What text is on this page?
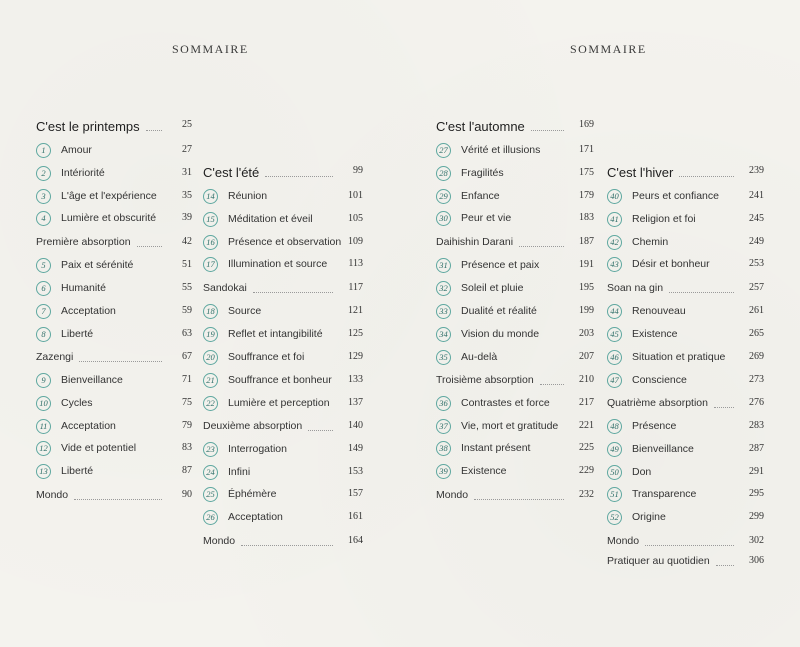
SOMMAIRE	SOMMAIRE
C'est le printemps	25
1	Amour	27
2	Intériorité	31
3	L'âge et l'expérience	35
4	Lumière et obscurité	39
Première absorption	42
5	Paix et sérénité	51
6	Humanité	55
7	Acceptation	59
8	Liberté	63
Zazengi	67
9	Bienveillance	71
10	Cycles	75
11	Acceptation	79
12	Vide et potentiel	83
13	Liberté	87
Mondo	90
C'est l'été	99
14	Réunion	101
15	Méditation et éveil	105
16	Présence et observation 109
17	Illumination et source	113
Sandokai	117
18	Source	121
19	Reflet et intangibilité	125
20	Souffrance et foi	129
21	Souffrance et bonheur	133
22	Lumière et perception	137
Deuxième absorption	140
23	Interrogation	149
24	Infini	153
25	Éphémère	157
26	Acceptation	161
Mondo	164
C'est l'automne	169
27	Vérité et illusions	171
28	Fragilités	175
29	Enfance	179
30	Peur et vie	183
Daihishin Darani	187
31	Présence et paix	191
32	Soleil et pluie	195
33	Dualité et réalité	199
34	Vision du monde	203
35	Au-delà	207
Troisième absorption	210
36	Contrastes et force	217
37	Vie, mort et gratitude	221
38	Instant présent	225
39	Existence	229
Mondo	232
C'est l'hiver	239
40	Peurs et confiance	241
41	Religion et foi	245
42	Chemin	249
43	Désir et bonheur	253
Soan na gin	257
44	Renouveau	261
45	Existence	265
46	Situation et pratique	269
47	Conscience	273
Quatrième absorption	276
48	Présence	283
49	Bienveillance	287
50	Don	291
51	Transparence	295
52	Origine	299
Mondo	302
Pratiquer au quotidien	306
